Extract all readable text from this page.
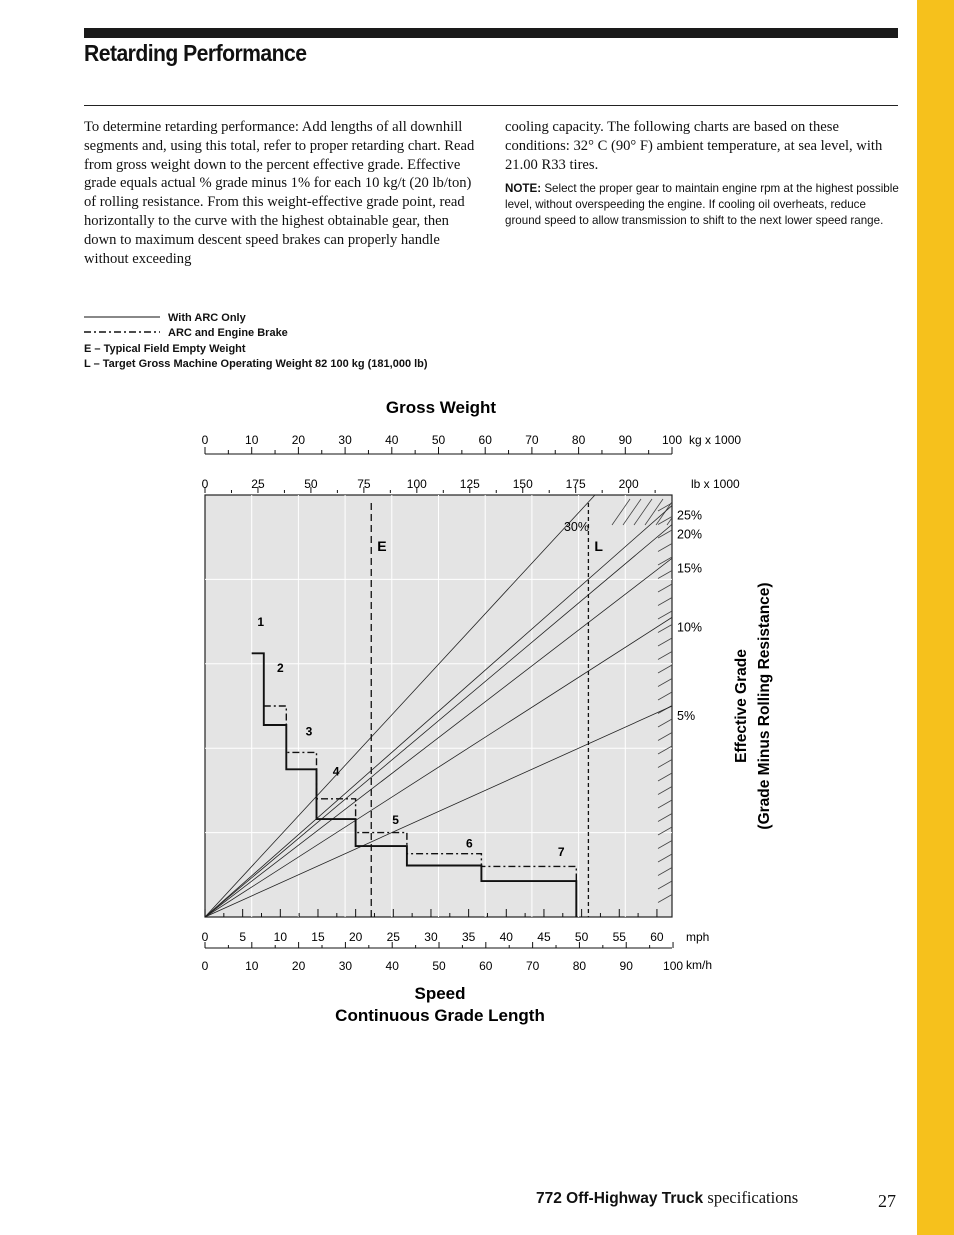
Retarding Performance
To determine retarding performance: Add lengths of all downhill segments and, using this total, refer to proper retarding chart. Read from gross weight down to the percent effective grade. Effective grade equals actual % grade minus 1% for each 10 kg/t (20 lb/ton) of rolling resistance. From this weight-effective grade point, read horizontally to the curve with the highest obtainable gear, then down to maximum descent speed brakes can properly handle without exceeding
cooling capacity. The following charts are based on these conditions: 32° C (90° F) ambient temperature, at sea level, with 21.00 R33 tires.
NOTE: Select the proper gear to maintain engine rpm at the highest possible level, without overspeeding the engine. If cooling oil overheats, reduce ground speed to allow transmission to shift to the next lower speed range.
With ARC Only
ARC and Engine Brake
E – Typical Field Empty Weight
L – Target Gross Machine Operating Weight 82 100 kg (181,000 lb)
E	L
1
2
3
4
5
6
7
5%
10%
15%
20%
25%
30%
0	10	20	30	40	50	60	70	80	90	100 kg x 1000
0	25	50	75	100	125	150	175	200	lb x 1000
0	5 10 15 20 25 30 35 40 45 50 55 60 mph
0	10	20	30	40	50	60	70	80	90	100 km/h
Gross Weight
Speed
Continuous Grade Length
Effective Grade (Grade Minus Rolling Resistance)
772 Off-Highway Truck specifications	27
